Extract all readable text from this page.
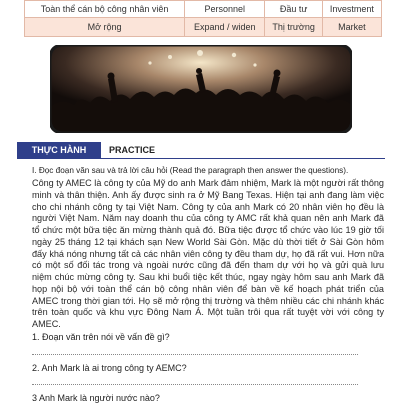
Toàn thể cán bộ công nhân viên	Personnel	Đầu tư	Investment
Mở rộng	Expand / widen	Thị trường	Market
THỰC HÀNH	PRACTICE
I. Đọc đoạn văn sau và trả lời câu hỏi (Read the paragraph then answer the questions).
Công ty AMEC là công ty của Mỹ do anh Mark đảm nhiệm, Mark là một người rất thông minh và thân thiện. Anh ấy được sinh ra ở Mỹ Bang Texas. Hiện tại anh đang làm việc cho chi nhánh công ty tại Việt Nam. Công ty của anh Mark có 20 nhân viên họ đều là người Việt Nam. Năm nay doanh thu của công ty AMC rất khả quan nên anh Mark đã tổ chức một bữa tiệc ăn mừng thành quả đó. Bữa tiệc được tổ chức vào lúc 19 giờ tối ngày 25 tháng 12 tại khách sạn New World Sài Gòn. Mặc dù thời tiết ở Sài Gòn hôm đấy khá nóng nhưng tất cả các nhân viên công ty đều tham dự, họ đã rất vui. Hơn nữa có một số đối tác trong và ngoài nước cũng đã đến tham dự với họ và gửi quà lưu niệm chúc mừng công ty. Sau khi buổi tiệc kết thúc, ngay ngày hôm sau anh Mark đã họp nội bộ với toàn thể cán bộ công nhân viên để bàn về kế hoạch phát triển của AMEC trong thời gian tới. Họ sẽ mở rộng thị trường và thêm nhiều các chi nhánh khác trên toàn quốc và khu vực Đông Nam Á. Một tuần trôi qua rất tuyệt vời với công ty AMEC.
1. Đoạn văn trên nói về vấn đề gì?
2. Anh Mark là ai trong công ty AEMC?
3 Anh Mark là người nước nào?
